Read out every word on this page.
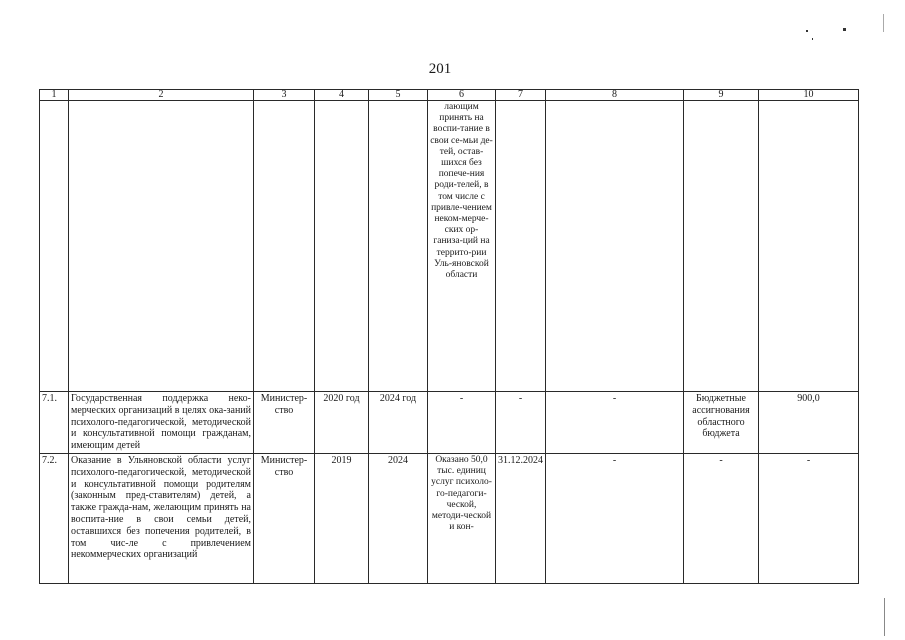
201
1	2	3	4	5	6	7	8	9	10
					лающим принять на воспи-тание в свои се-мьи де-тей, остав-шихся без попече-ния роди-телей, в том числе с привле-чением неком-мерче-ских ор-ганиза-ций на террито-рии Уль-яновской области				
7.1.	Государственная поддержка неко-мерческих организаций в целях ока-заний психолого-педагогической, методической и консультативной помощи гражданам, имеющим детей	Министер-ство	2020 год	2024 год	-	-	-	Бюджетные ассигнования областного бюджета	900,0
7.2.	Оказание в Ульяновской области услуг психолого-педагогической, методической и консультативной помощи родителям (законным пред-ставителям) детей, а также гражда-нам, желающим принять на воспита-ние в свои семьи детей, оставшихся без попечения родителей, в том чис-ле с привлечением некоммерческих организаций	Министер-ство	2019	2024	Оказано 50,0 тыс. единиц услуг психоло-го-педагоги-ческой, методи-ческой и кон-	31.12.2024	-	-	-
